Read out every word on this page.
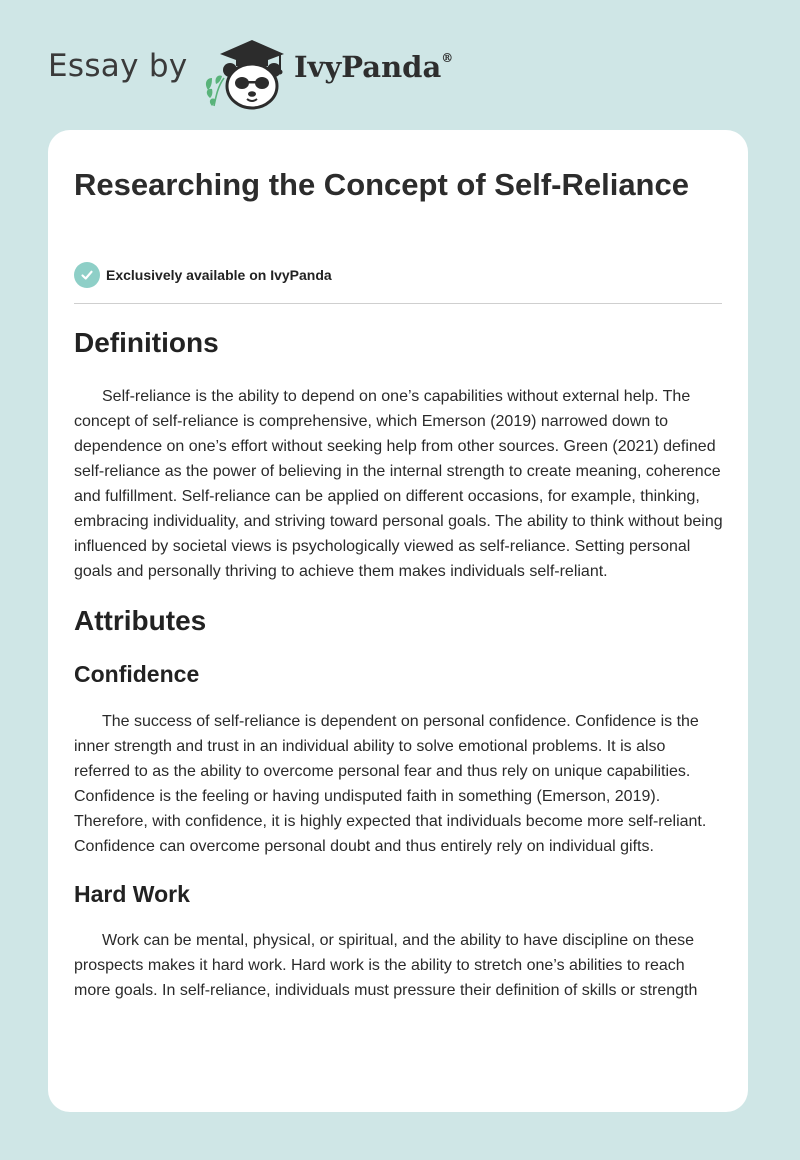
Essay by	IvyPanda®
Researching the Concept of Self-Reliance
Exclusively available on IvyPanda
Definitions

Self-reliance is the ability to depend on one’s capabilities without external help. The concept of self-reliance is comprehensive, which Emerson (2019) narrowed down to dependence on one’s effort without seeking help from other sources. Green (2021) defined self-reliance as the power of believing in the internal strength to create meaning, coherence and fulfillment. Self-reliance can be applied on different occasions, for example, thinking, embracing individuality, and striving toward personal goals. The ability to think without being influenced by societal views is psychologically viewed as self-reliance. Setting personal goals and personally thriving to achieve them makes individuals self-reliant.

Attributes
Confidence

The success of self-reliance is dependent on personal confidence. Confidence is the inner strength and trust in an individual ability to solve emotional problems. It is also referred to as the ability to overcome personal fear and thus rely on unique capabilities. Confidence is the feeling or having undisputed faith in something (Emerson, 2019). Therefore, with confidence, it is highly expected that individuals become more self-reliant. Confidence can overcome personal doubt and thus entirely rely on individual gifts.

Hard Work

Work can be mental, physical, or spiritual, and the ability to have discipline on these prospects makes it hard work. Hard work is the ability to stretch one’s abilities to reach more goals. In self-reliance, individuals must pressure their definition of skills or strength
